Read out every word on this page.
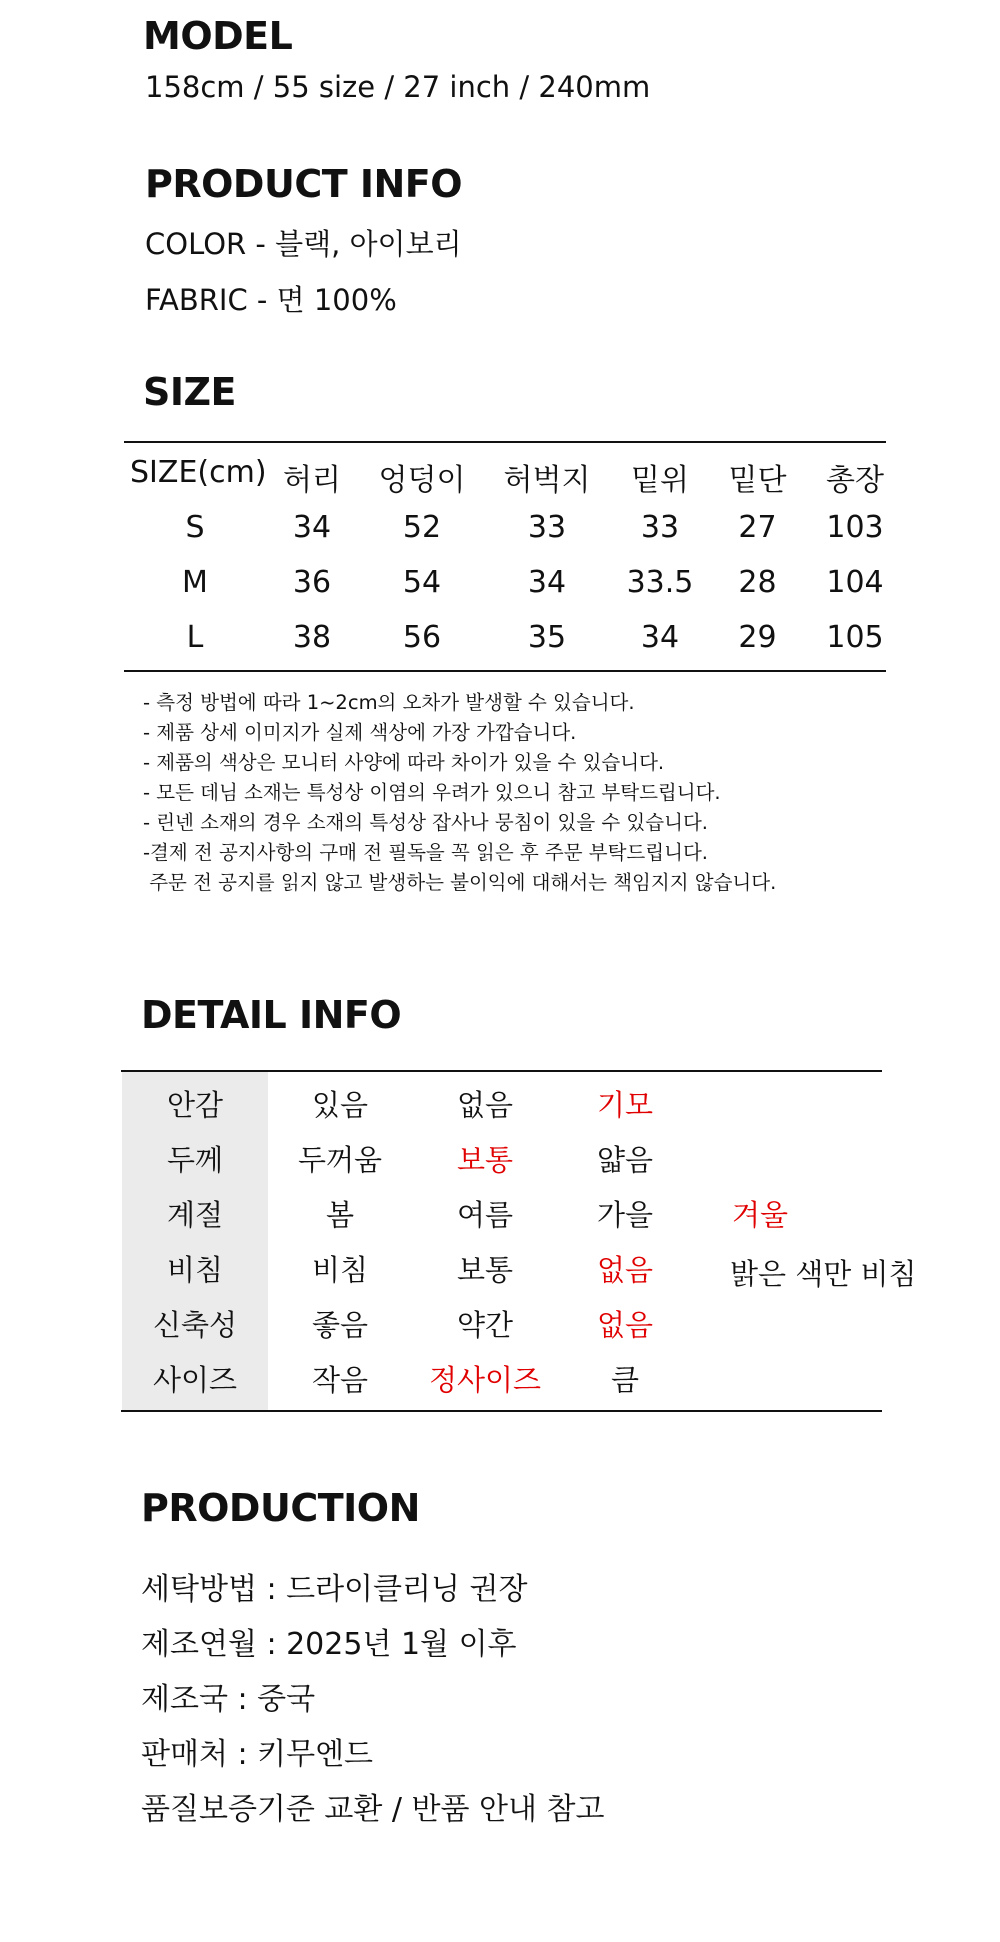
MODEL
158cm / 55 size / 27 inch / 240mm
PRODUCT INFO
COLOR - 블랙, 아이보리
FABRIC - 면 100%
SIZE
SIZE(cm) 허리	엉덩이	허벅지	밑위	밑단	총장
S	34	52	33	33	27	103
M	36	54	34	33.5	28	104
L	38	56	35	34	29	105
- 측정 방법에 따라 1~2cm의 오차가 발생할 수 있습니다.
- 제품 상세 이미지가 실제 색상에 가장 가깝습니다.
- 제품의 색상은 모니터 사양에 따라 차이가 있을 수 있습니다.
- 모든 데님 소재는 특성상 이염의 우려가 있으니 참고 부탁드립니다.
- 린넨 소재의 경우 소재의 특성상 잡사나 뭉침이 있을 수 있습니다.
-결제 전 공지사항의 구매 전 필독을 꼭 읽은 후 주문 부탁드립니다.
주문 전 공지를 읽지 않고 발생하는 불이익에 대해서는 책임지지 않습니다.
DETAIL INFO
안감	있음	없음	기모
두께	두꺼움	보통	얇음
계절	봄	여름	가을	겨울
비침	비침	보통	없음	밝은 색만 비침
신축성	좋음	약간	없음
사이즈	작음	정사이즈	큼
PRODUCTION
세탁방법 : 드라이클리닝 권장
제조연월 : 2025년 1월 이후
제조국 : 중국
판매처 : 키무엔드
품질보증기준 교환 / 반품 안내 참고
